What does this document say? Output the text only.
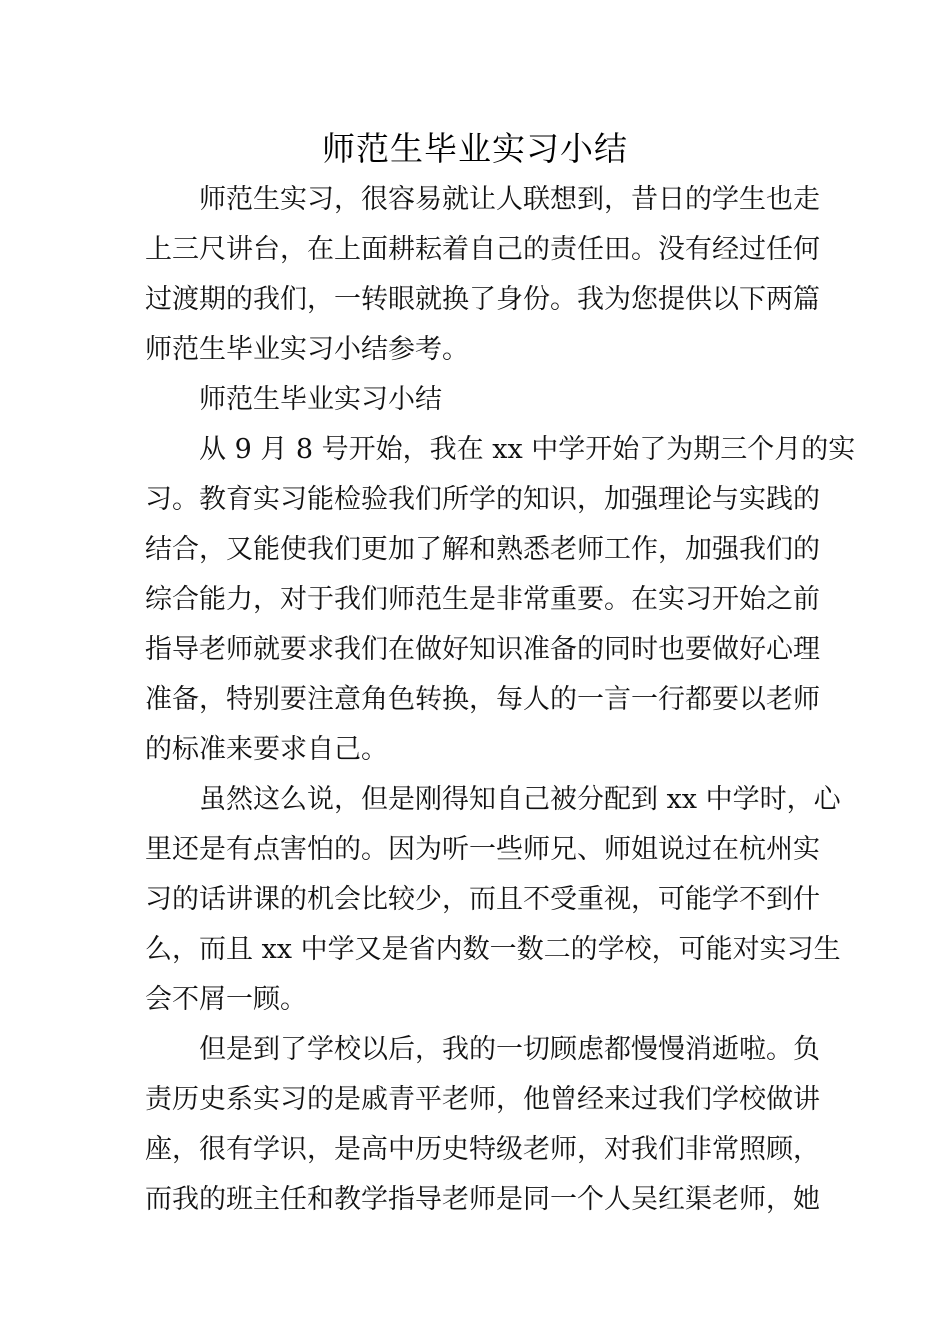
师范生毕业实习小结
师范生实习，很容易就让人联想到，昔日的学生也走
上三尺讲台，在上面耕耘着自己的责任田。没有经过任何
过渡期的我们，一转眼就换了身份。我为您提供以下两篇
师范生毕业实习小结参考。
师范生毕业实习小结
从 9 月 8 号开始，我在 xx 中学开始了为期三个月的实
习。教育实习能检验我们所学的知识，加强理论与实践的
结合，又能使我们更加了解和熟悉老师工作，加强我们的
综合能力，对于我们师范生是非常重要。在实习开始之前
指导老师就要求我们在做好知识准备的同时也要做好心理
准备，特别要注意角色转换，每人的一言一行都要以老师
的标准来要求自己。
虽然这么说，但是刚得知自己被分配到 xx 中学时，心
里还是有点害怕的。因为听一些师兄、师姐说过在杭州实
习的话讲课的机会比较少，而且不受重视，可能学不到什
么，而且 xx 中学又是省内数一数二的学校，可能对实习生
会不屑一顾。
但是到了学校以后，我的一切顾虑都慢慢消逝啦。负
责历史系实习的是戚青平老师，他曾经来过我们学校做讲
座，很有学识，是高中历史特级老师，对我们非常照顾，
而我的班主任和教学指导老师是同一个人吴红渠老师，她
